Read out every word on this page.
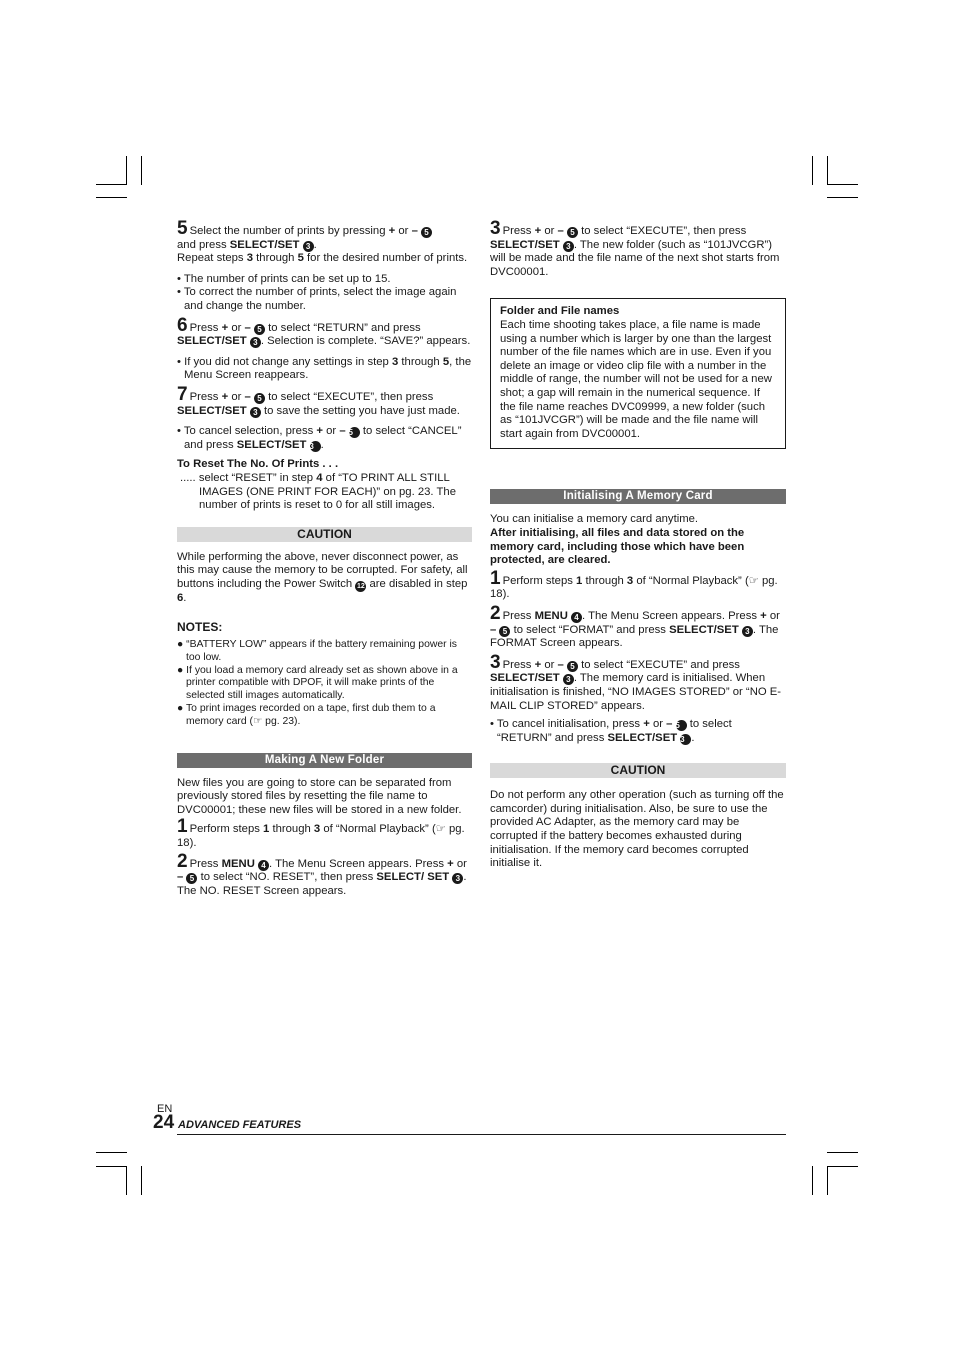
5 Select the number of prints by pressing + or – 5
and press SELECT/SET 3 .

Repeat steps 3 through 5 for the desired number of prints.

• The number of prints can be set up to 15.

• To correct the number of prints, select the image again and change the number.

6 Press + or – 5 to select “RETURN” and press SELECT/SET 3 . Selection is complete. “SAVE?” appears.

• If you did not change any settings in step 3 through 5, the Menu Screen reappears.

7 Press + or – 5 to select “EXECUTE”, then press SELECT/SET 3 to save the setting you have just made.

• To cancel selection, press + or – 5 to select “CANCEL” and press SELECT/SET 3 .

To Reset The No. Of Prints . . .

..... select “RESET” in step 4 of “TO PRINT ALL STILL IMAGES (ONE PRINT FOR EACH)” on pg. 23. The number of prints is reset to 0 for all still images.

CAUTION

While performing the above, never disconnect power, as this may cause the memory to be corrupted. For safety, all buttons including the Power Switch 12 are disabled in step 6.

NOTES:

● “BATTERY LOW” appears if the battery remaining power is too low.

● If you load a memory card already set as shown above in a printer compatible with DPOF, it will make prints of the selected still images automatically.

● To print images recorded on a tape, first dub them to a memory card (☞ pg. 23).

Making A New Folder

New files you are going to store can be separated from previously stored files by resetting the file name to DVC00001; these new files will be stored in a new folder.

1 Perform steps 1 through 3 of “Normal Playback” (☞ pg. 18).

2 Press MENU 4 . The Menu Screen appears. Press + or – 5 to select “NO. RESET”, then press SELECT/ SET 3 . The NO. RESET Screen appears.

3 Press + or – 5 to select “EXECUTE”, then press SELECT/SET 3 . The new folder (such as “101JVCGR”) will be made and the file name of the next shot starts from DVC00001.

Folder and File names

Each time shooting takes place, a file name is made using a number which is larger by one than the largest number of the file names which are in use. Even if you delete an image or video clip file with a number in the middle of range, the number will not be used for a new shot; a gap will remain in the numerical sequence. If the file name reaches DVC09999, a new folder (such as “101JVCGR”) will be made and the file name will start again from DVC00001.

Initialising A Memory Card

You can initialise a memory card anytime.

After initialising, all files and data stored on the memory card, including those which have been protected, are cleared.

1 Perform steps 1 through 3 of “Normal Playback” (☞ pg. 18).

2 Press MENU 4 . The Menu Screen appears. Press + or – 5 to select “FORMAT” and press SELECT/SET 3 . The FORMAT Screen appears.

3 Press + or – 5 to select “EXECUTE” and press SELECT/SET 3 . The memory card is initialised. When initialisation is finished, “NO IMAGES STORED” or “NO E-MAIL CLIP STORED” appears.

• To cancel initialisation, press + or – 5 to select “RETURN” and press SELECT/SET 3 .

CAUTION

Do not perform any other operation (such as turning off the camcorder) during initialisation. Also, be sure to use the provided AC Adapter, as the memory card may be corrupted if the battery becomes exhausted during initialisation. If the memory card becomes corrupted initialise it.

EN
24 ADVANCED FEATURES
